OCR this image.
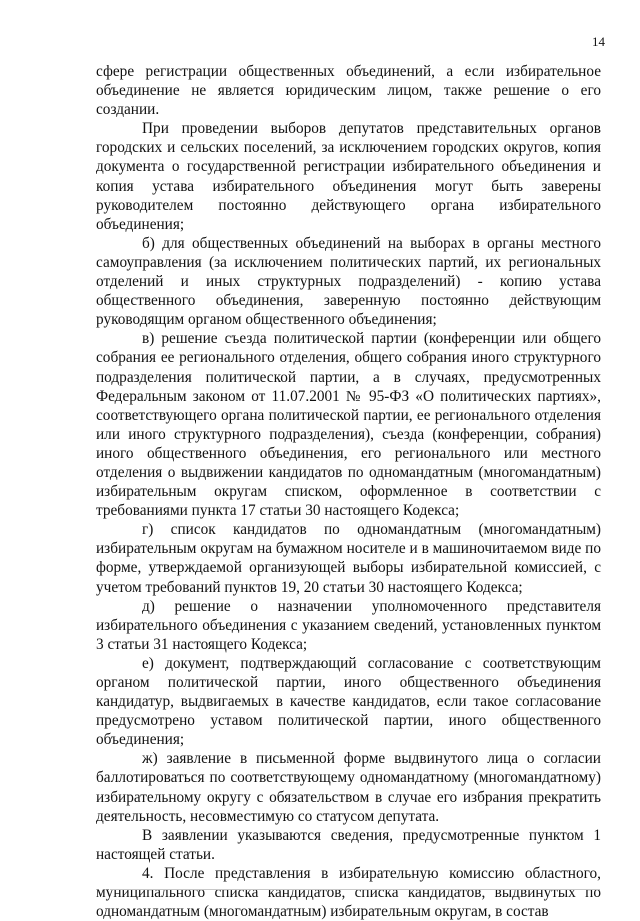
14

сфере регистрации общественных объединений, а если избирательное объединение не является юридическим лицом, также решение о его создании.

При проведении выборов депутатов представительных органов городских и сельских поселений, за исключением городских округов, копия документа о государственной регистрации избирательного объединения и копия устава избирательного объединения могут быть заверены руководителем постоянно действующего органа избирательного объединения;

б) для общественных объединений на выборах в органы местного самоуправления (за исключением политических партий, их региональных отделений и иных структурных подразделений) - копию устава общественного объединения, заверенную постоянно действующим руководящим органом общественного объединения;

в) решение съезда политической партии (конференции или общего собрания ее регионального отделения, общего собрания иного структурного подразделения политической партии, а в случаях, предусмотренных Федеральным законом от 11.07.2001 № 95-ФЗ «О политических партиях», соответствующего органа политической партии, ее регионального отделения или иного структурного подразделения), съезда (конференции, собрания) иного общественного объединения, его регионального или местного отделения о выдвижении кандидатов по одномандатным (многомандатным) избирательным округам списком, оформленное в соответствии с требованиями пункта 17 статьи 30 настоящего Кодекса;

г) список кандидатов по одномандатным (многомандатным) избирательным округам на бумажном носителе и в машиночитаемом виде по форме, утверждаемой организующей выборы избирательной комиссией, с учетом требований пунктов 19, 20 статьи 30 настоящего Кодекса;

д) решение о назначении уполномоченного представителя избирательного объединения с указанием сведений, установленных пунктом 3 статьи 31 настоящего Кодекса;

е) документ, подтверждающий согласование с соответствующим органом политической партии, иного общественного объединения кандидатур, выдвигаемых в качестве кандидатов, если такое согласование предусмотрено уставом политической партии, иного общественного объединения;

ж) заявление в письменной форме выдвинутого лица о согласии баллотироваться по соответствующему одномандатному (многомандатному) избирательному округу с обязательством в случае его избрания прекратить деятельность, несовместимую со статусом депутата.

В заявлении указываются сведения, предусмотренные пунктом 1 настоящей статьи.

4. После представления в избирательную комиссию областного, муниципального списка кандидатов, списка кандидатов, выдвинутых по одномандатным (многомандатным) избирательным округам, в состав
